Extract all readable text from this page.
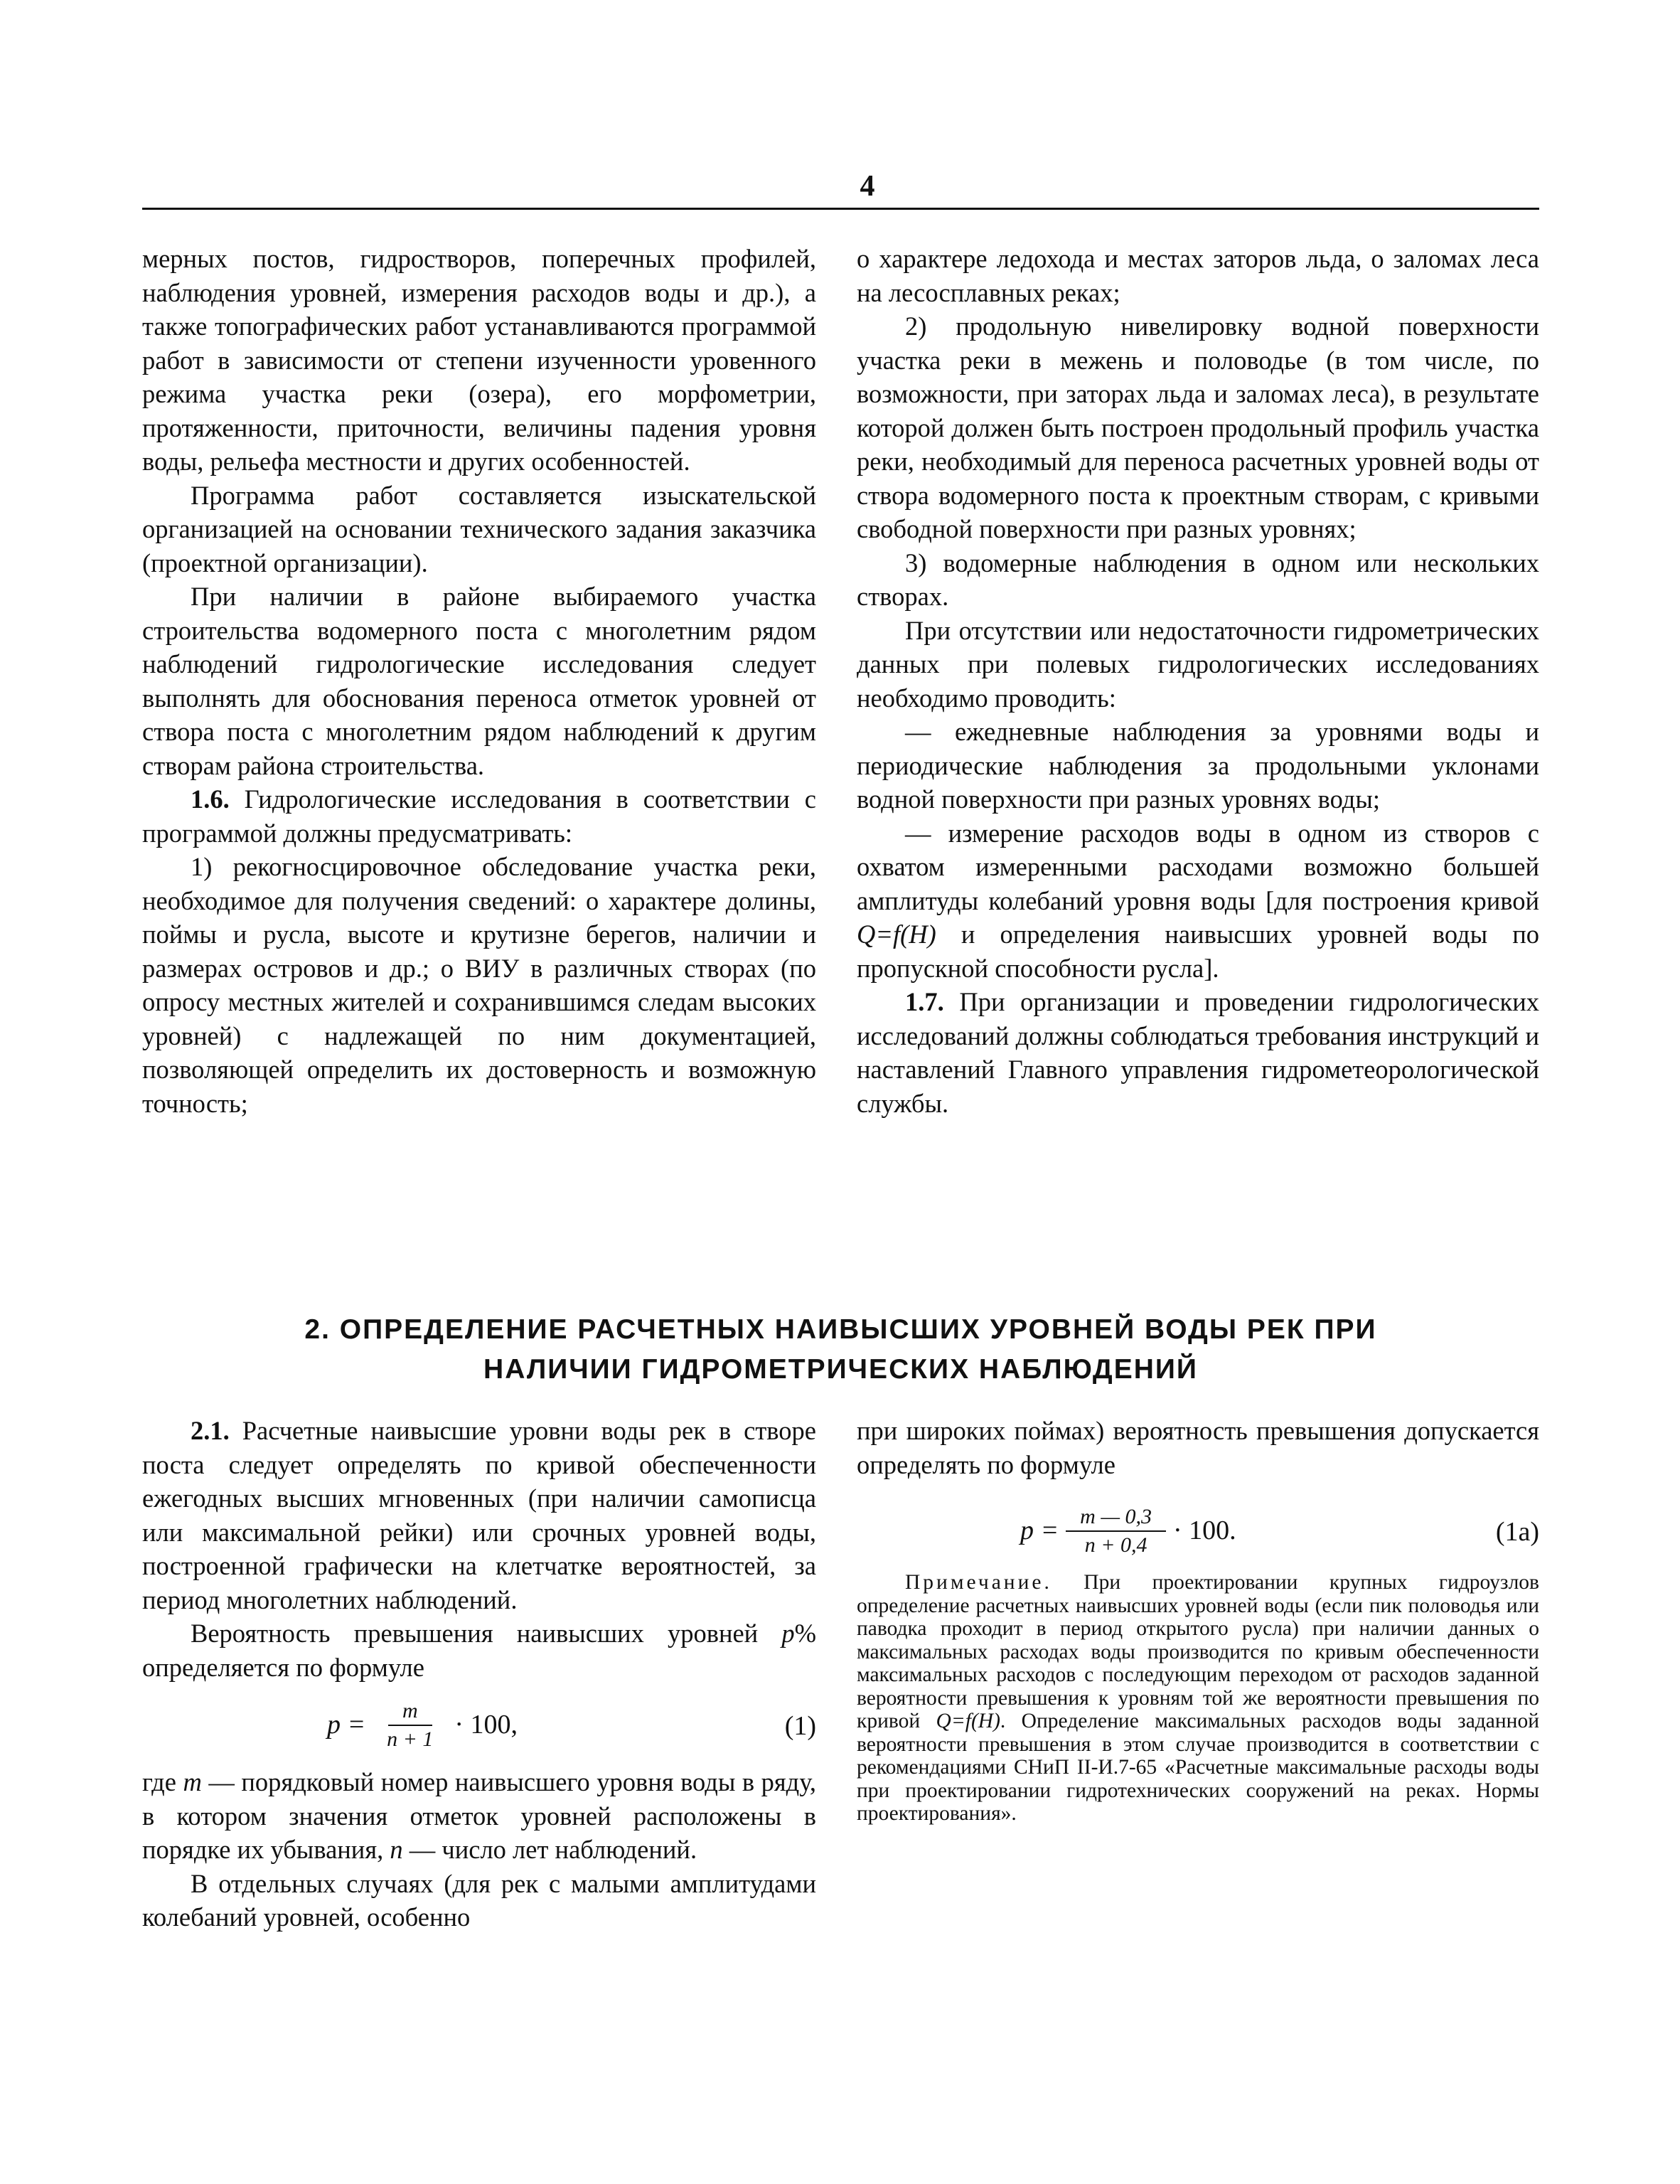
4

мерных постов, гидроcтворов, поперечных профилей, наблюдения уровней, измерения расходов воды и др.), а также топографических работ устанавливаются программой работ в зависимости от степени изученности уровенного режима участка реки (озера), его морфометрии, протяженности, приточности, величины падения уровня воды, рельефа местности и других особенностей.

Программа работ составляется изыскательской организацией на основании технического задания заказчика (проектной организации).

При наличии в районе выбираемого участка строительства водомерного поста с многолетним рядом наблюдений гидрологические исследования следует выполнять для обоснования переноса отметок уровней от створа поста с многолетним рядом наблюдений к другим створам района строительства.

1.6. Гидрологические исследования в соответствии с программой должны предусматривать:

1) рекогносцировочное обследование участка реки, необходимое для получения сведений: о характере долины, поймы и русла, высоте и крутизне берегов, наличии и размерах островов и др.; о ВИУ в различных створах (по опросу местных жителей и сохранившимся следам высоких уровней) с надлежащей по ним документацией, позволяющей определить их достоверность и возможную точность;

о характере ледохода и местах заторов льда, о заломах леса на лесосплавных реках;

2) продольную нивелировку водной поверхности участка реки в межень и половодье (в том числе, по возможности, при заторах льда и заломах леса), в результате которой должен быть построен продольный профиль участка реки, необходимый для переноса расчетных уровней воды от створа водомерного поста к проектным створам, с кривыми свободной поверхности при разных уровнях;

3) водомерные наблюдения в одном или нескольких створах.

При отсутствии или недостаточности гидрометрических данных при полевых гидрологических исследованиях необходимо проводить:

— ежедневные наблюдения за уровнями воды и периодические наблюдения за продольными уклонами водной поверхности при разных уровнях воды;

— измерение расходов воды в одном из створов с охватом измеренными расходами возможно большей амплитуды колебаний уровня воды [для построения кривой Q=f(H) и определения наивысших уровней воды по пропускной способности русла].

1.7. При организации и проведении гидрологических исследований должны соблюдаться требования инструкций и наставлений Главного управления гидрометеорологической службы.

2. ОПРЕДЕЛЕНИЕ РАСЧЕТНЫХ НАИВЫСШИХ УРОВНЕЙ ВОДЫ РЕК ПРИ
НАЛИЧИИ ГИДРОМЕТРИЧЕСКИХ НАБЛЮДЕНИЙ

2.1. Расчетные наивысшие уровни воды рек в створе поста следует определять по кривой обеспеченности ежегодных высших мгновенных (при наличии самописца или максимальной рейки) или срочных уровней воды, построенной графически на клетчатке вероятностей, за период многолетних наблюдений.

Вероятность превышения наивысших уровней p% определяется по формуле

$p = \frac{m}{n + 1} \cdot 100$,	(1)

где m — порядковый номер наивысшего уровня воды в ряду, в котором значения отметок уровней расположены в порядке их убывания, n — число лет наблюдений.

В отдельных случаях (для рек с малыми амплитудами колебаний уровней, особенно

при широких поймах) вероятность превышения допускается определять по формуле

$p = \frac{m — 0,3}{n + 0,4} \cdot 100$.	(1a)

Примечание. При проектировании крупных гидроузлов определение расчетных наивысших уровней воды (если пик половодья или паводка проходит в период открытого русла) при наличии данных о максимальных расходах воды производится по кривым обеспеченности максимальных расходов с последующим переходом от расходов заданной вероятности превышения к уровням той же вероятности превышения по кривой Q=f(H). Определение максимальных расходов воды заданной вероятности превышения в этом случае производится в соответствии с рекомендациями СНиП II-И.7-65 «Расчетные максимальные расходы воды при проектировании гидротехнических сооружений на реках. Нормы проектирования».
